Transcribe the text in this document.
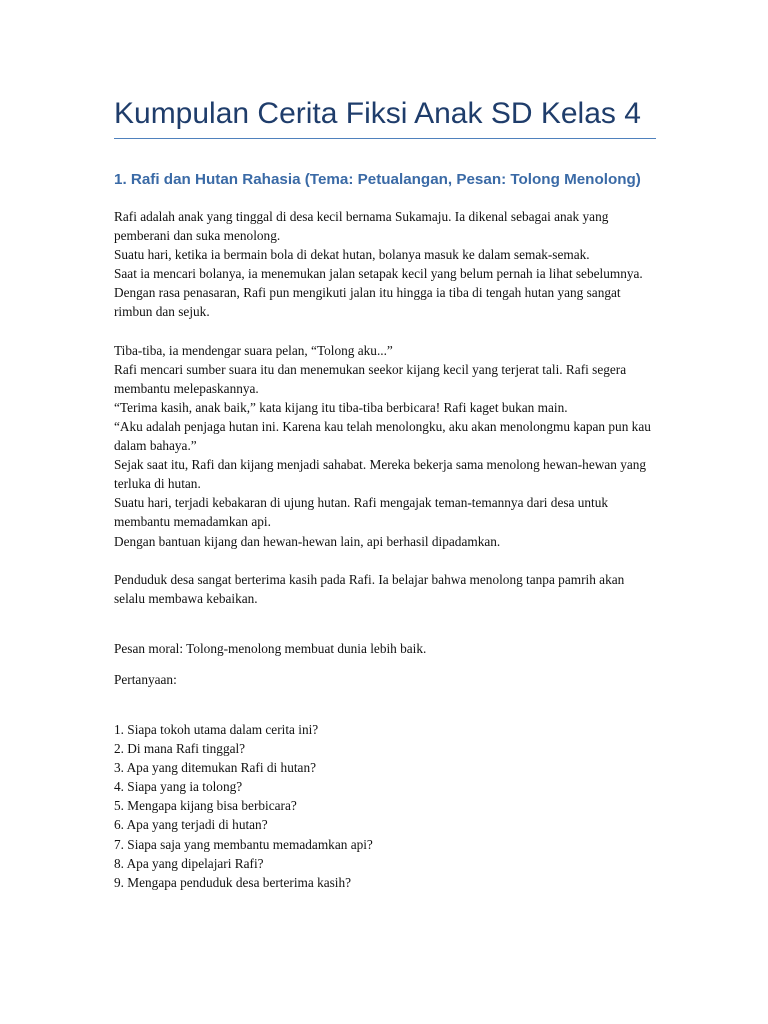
Kumpulan Cerita Fiksi Anak SD Kelas 4
1. Rafi dan Hutan Rahasia (Tema: Petualangan, Pesan: Tolong Menolong)

Rafi adalah anak yang tinggal di desa kecil bernama Sukamaju. Ia dikenal sebagai anak yang pemberani dan suka menolong.

Suatu hari, ketika ia bermain bola di dekat hutan, bolanya masuk ke dalam semak-semak.

Saat ia mencari bolanya, ia menemukan jalan setapak kecil yang belum pernah ia lihat sebelumnya.

Dengan rasa penasaran, Rafi pun mengikuti jalan itu hingga ia tiba di tengah hutan yang sangat rimbun dan sejuk.

Tiba-tiba, ia mendengar suara pelan, “Tolong aku...”

Rafi mencari sumber suara itu dan menemukan seekor kijang kecil yang terjerat tali. Rafi segera membantu melepaskannya.

“Terima kasih, anak baik,” kata kijang itu tiba-tiba berbicara! Rafi kaget bukan main.

“Aku adalah penjaga hutan ini. Karena kau telah menolongku, aku akan menolongmu kapan pun kau dalam bahaya.”

Sejak saat itu, Rafi dan kijang menjadi sahabat. Mereka bekerja sama menolong hewan-hewan yang terluka di hutan.

Suatu hari, terjadi kebakaran di ujung hutan. Rafi mengajak teman-temannya dari desa untuk membantu memadamkan api.

Dengan bantuan kijang dan hewan-hewan lain, api berhasil dipadamkan.

Penduduk desa sangat berterima kasih pada Rafi. Ia belajar bahwa menolong tanpa pamrih akan selalu membawa kebaikan.

Pesan moral: Tolong-menolong membuat dunia lebih baik.

Pertanyaan:

1. Siapa tokoh utama dalam cerita ini?
2. Di mana Rafi tinggal?
3. Apa yang ditemukan Rafi di hutan?
4. Siapa yang ia tolong?
5. Mengapa kijang bisa berbicara?
6. Apa yang terjadi di hutan?
7. Siapa saja yang membantu memadamkan api?
8. Apa yang dipelajari Rafi?
9. Mengapa penduduk desa berterima kasih?
